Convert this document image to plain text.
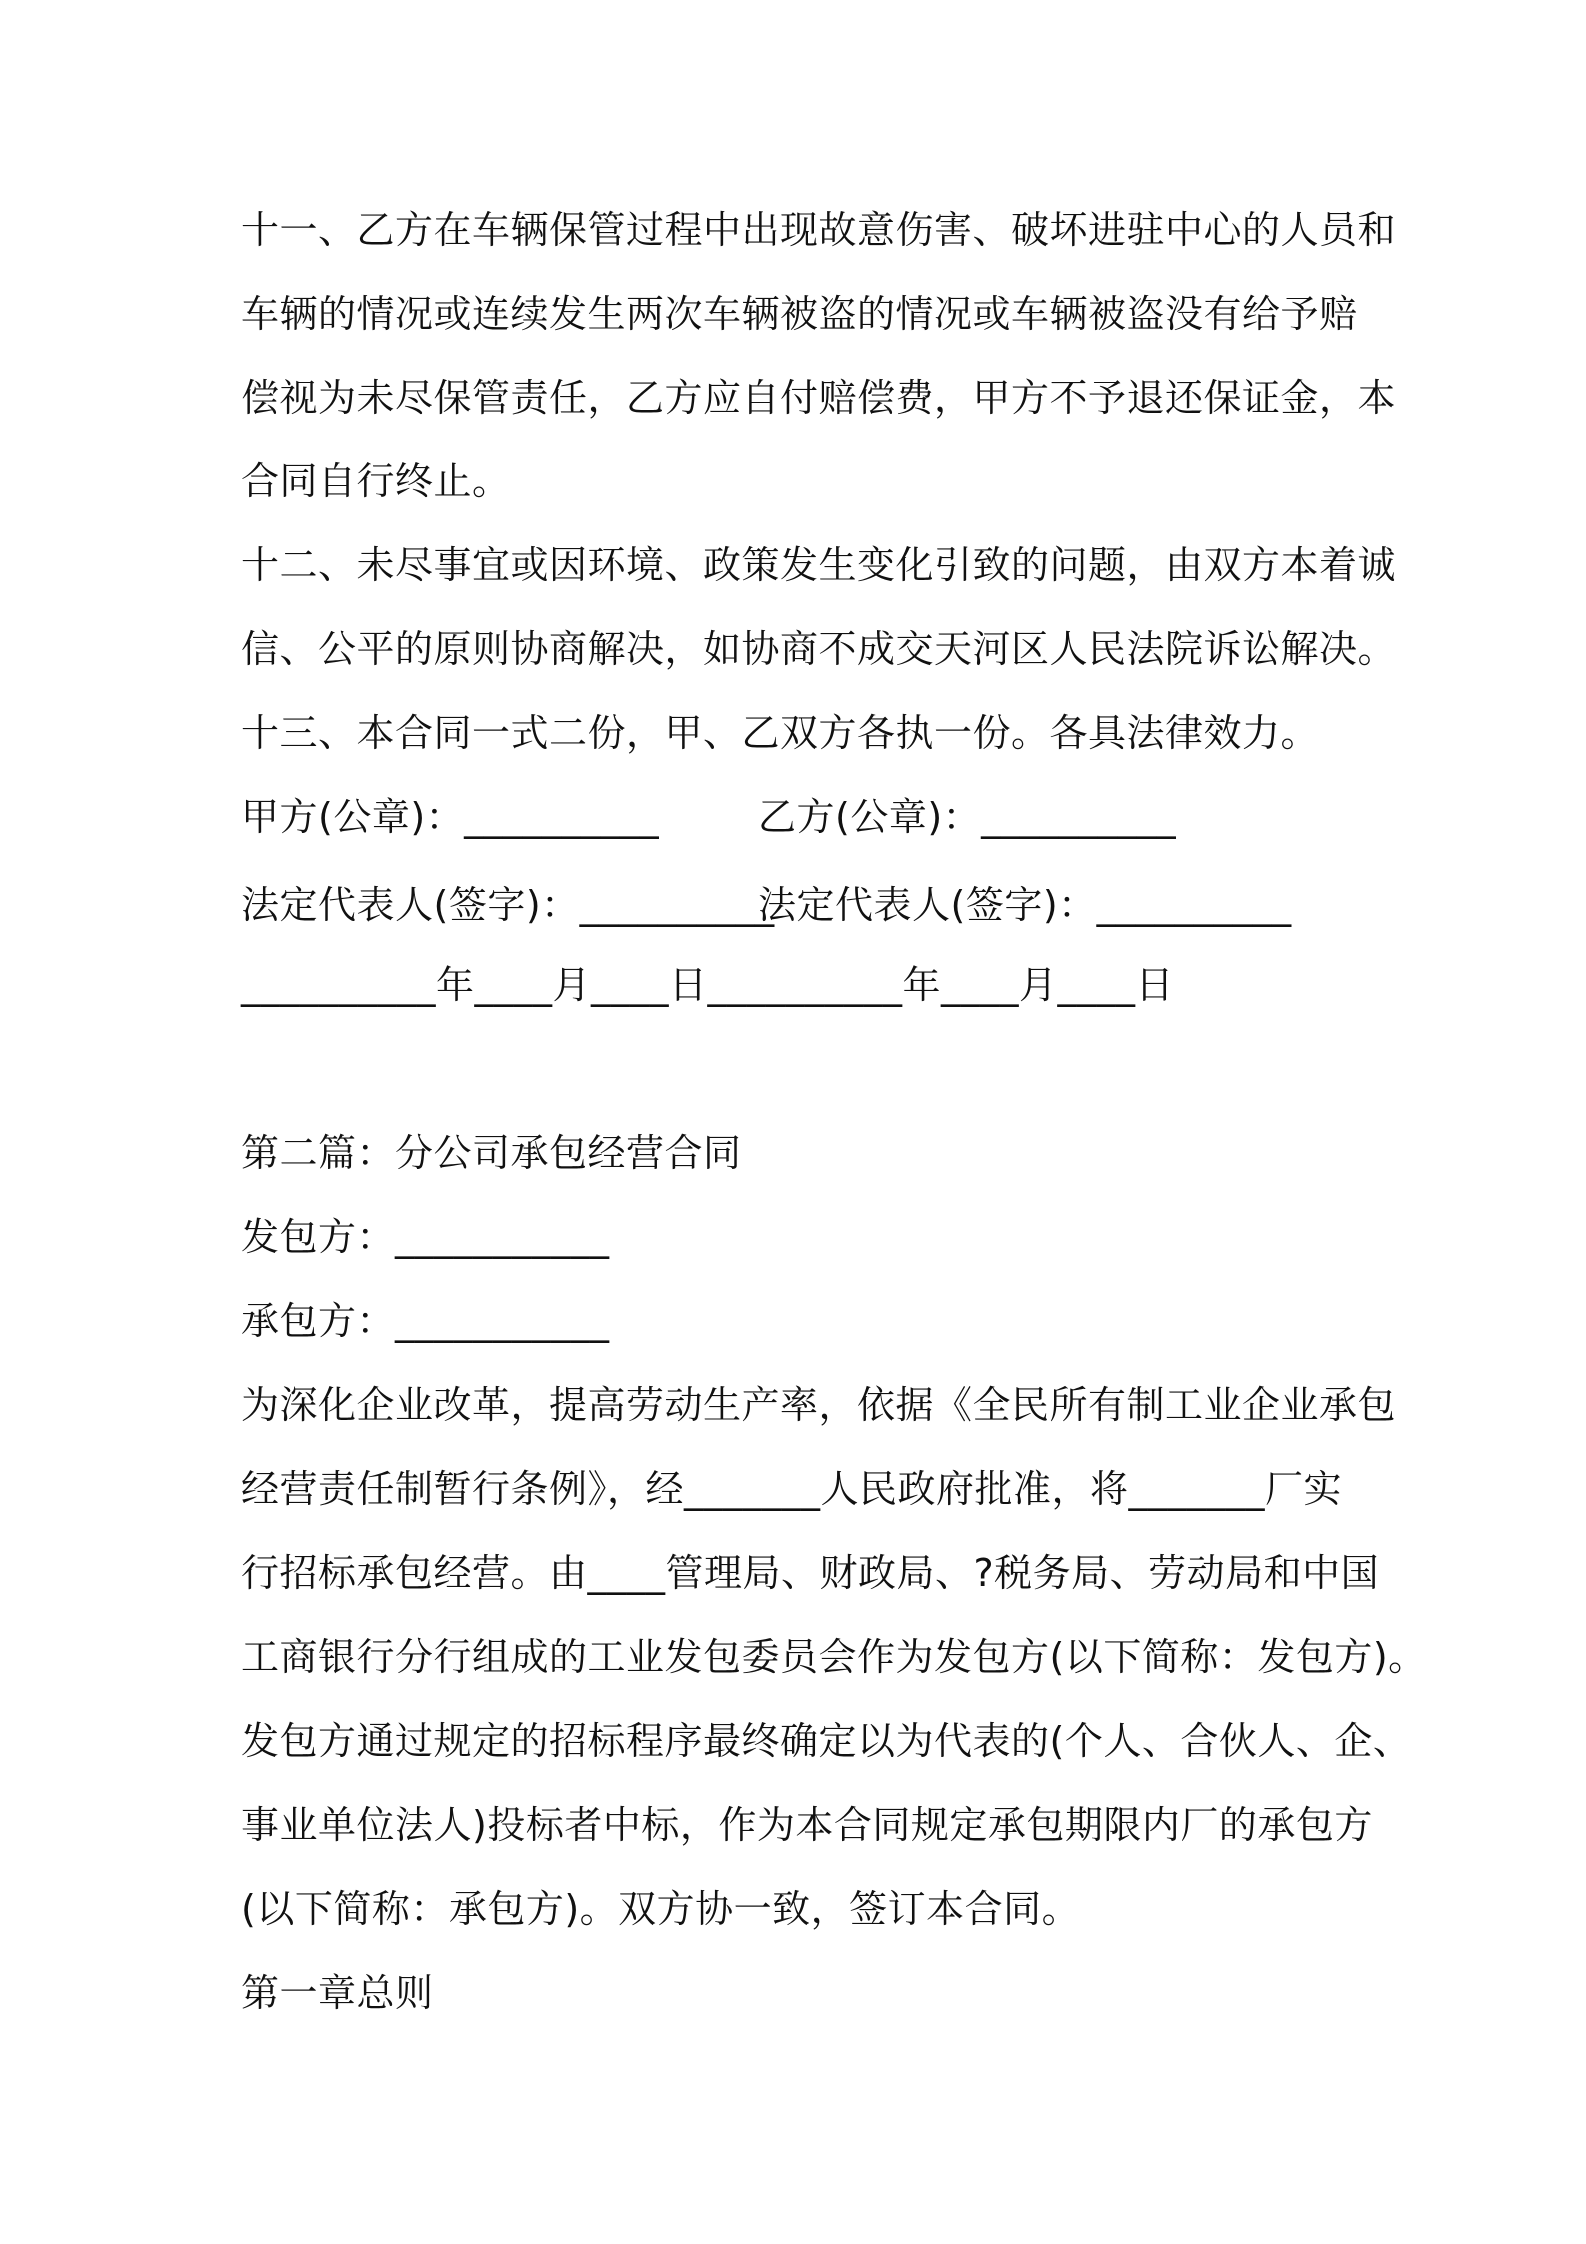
十一、乙方在车辆保管过程中出现故意伤害、破坏进驻中心的人员和
车辆的情况或连续发生两次车辆被盗的情况或车辆被盗没有给予赔
偿视为未尽保管责任，乙方应自付赔偿费，甲方不予退还保证金，本
合同自行终止。
十二、未尽事宜或因环境、政策发生变化引致的问题，由双方本着诚
信、公平的原则协商解决，如协商不成交天河区人民法院诉讼解决。
十三、本合同一式二份，甲、乙双方各执一份。各具法律效力。
甲方(公章)：__________	乙方(公章)：__________
法定代表人(签字)：__________
法定代表人(签字)：__________
__________年____月____日__________年____月____日
第二篇：分公司承包经营合同
发包方：___________
承包方：___________
为深化企业改革，提高劳动生产率，依据《全民所有制工业企业承包
经营责任制暂行条例》，经_______人民政府批准，将_______厂实
行招标承包经营。由____管理局、财政局、?税务局、劳动局和中国
工商银行分行组成的工业发包委员会作为发包方(以下简称：发包方)。
发包方通过规定的招标程序最终确定以为代表的(个人、合伙人、企、
事业单位法人)投标者中标，作为本合同规定承包期限内厂的承包方
(以下简称：承包方)。双方协一致，签订本合同。
第一章总则
